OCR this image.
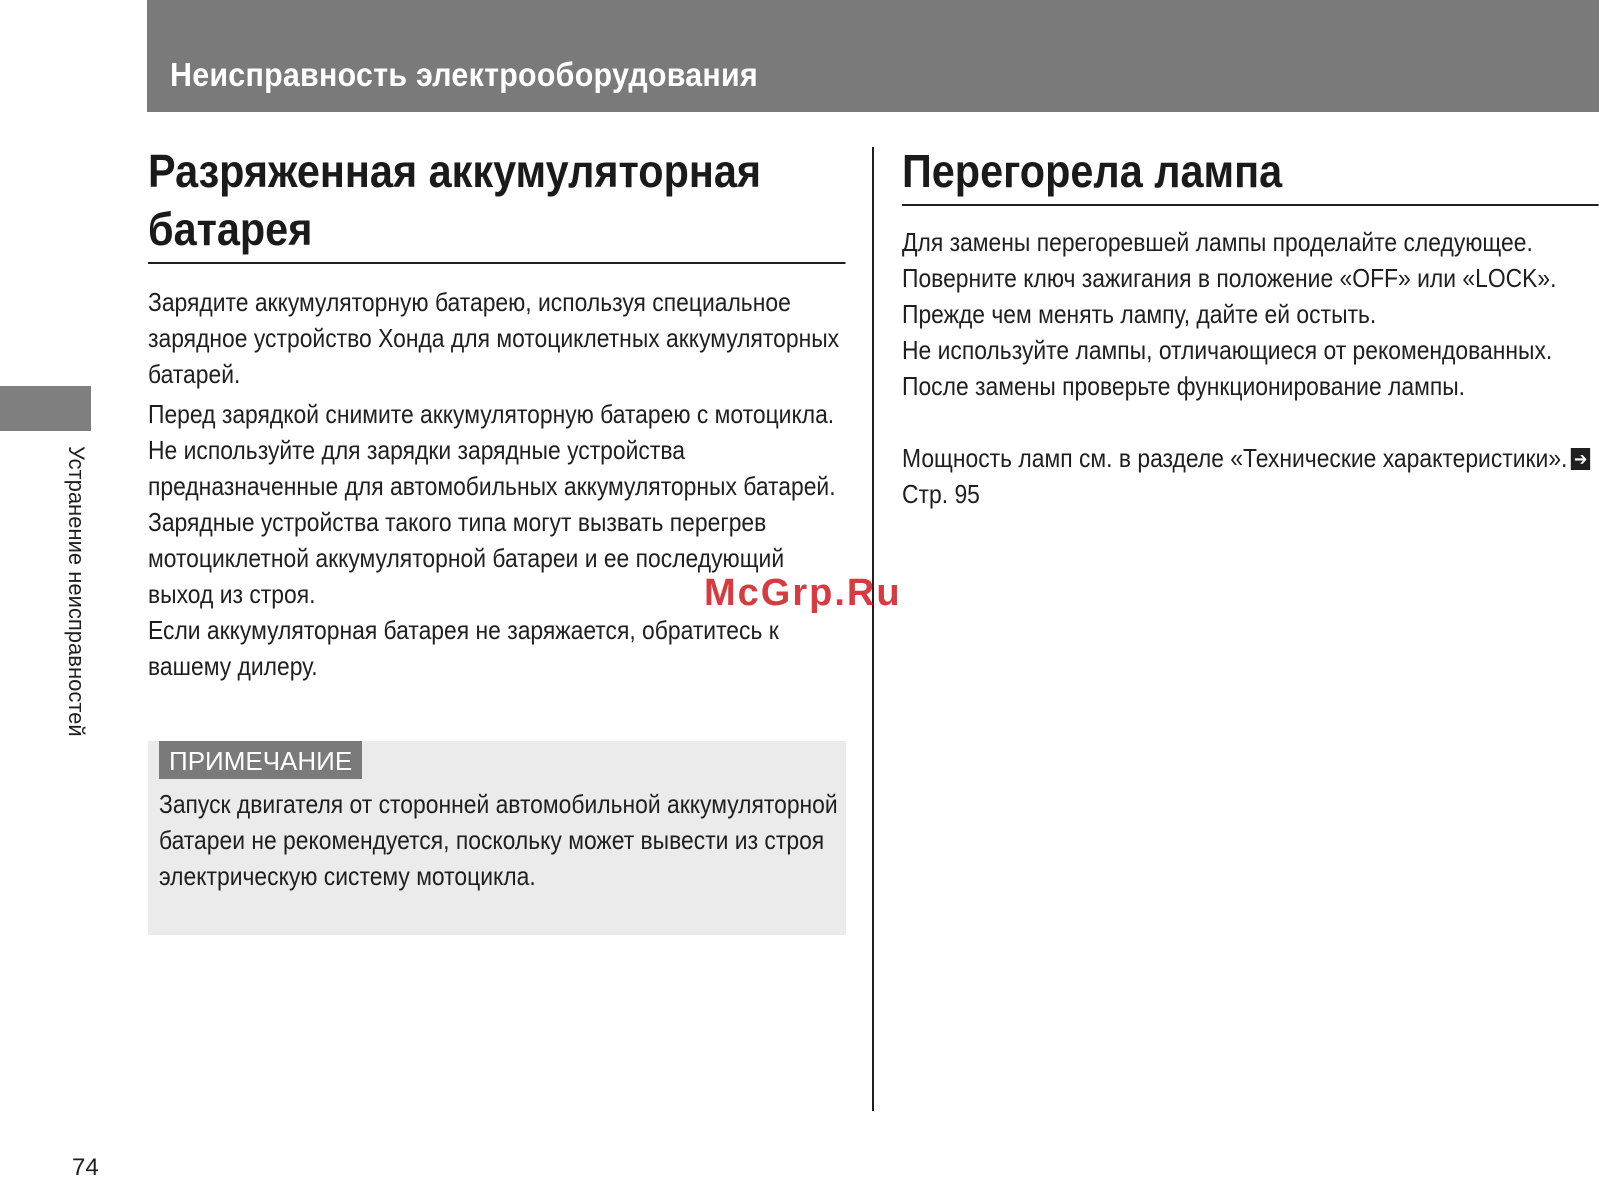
Неисправность электрооборудования
Устранение неисправностей
74
Разряженная аккумуляторная батарея

Зарядите аккумуляторную батарею, используя специальное зарядное устройство Хонда для мотоциклетных аккумуляторных батарей.

Перед зарядкой снимите аккумуляторную батарею с мотоцикла.

Не используйте для зарядки зарядные устройства предназначенные для автомобильных аккумуляторных батарей. Зарядные устройства такого типа могут вызвать перегрев мотоциклетной аккумуляторной батареи и ее последующий выход из строя.

Если аккумуляторная батарея не заряжается, обратитесь к вашему дилеру.

ПРИМЕЧАНИЕ

Запуск двигателя от сторонней автомобильной аккумуляторной батареи не рекомендуется, поскольку может вывести из строя электрическую систему мотоцикла.

Перегорела лампа

Для замены перегоревшей лампы проделайте следующее.

Поверните ключ зажигания в положение «OFF» или «LOCK».

Прежде чем менять лампу, дайте ей остыть.

Не используйте лампы, отличающиеся от рекомендованных.

После замены проверьте функционирование лампы.

Мощность ламп см. в разделе «Технические характеристики». ➔Стр. 95

McGrp.Ru
